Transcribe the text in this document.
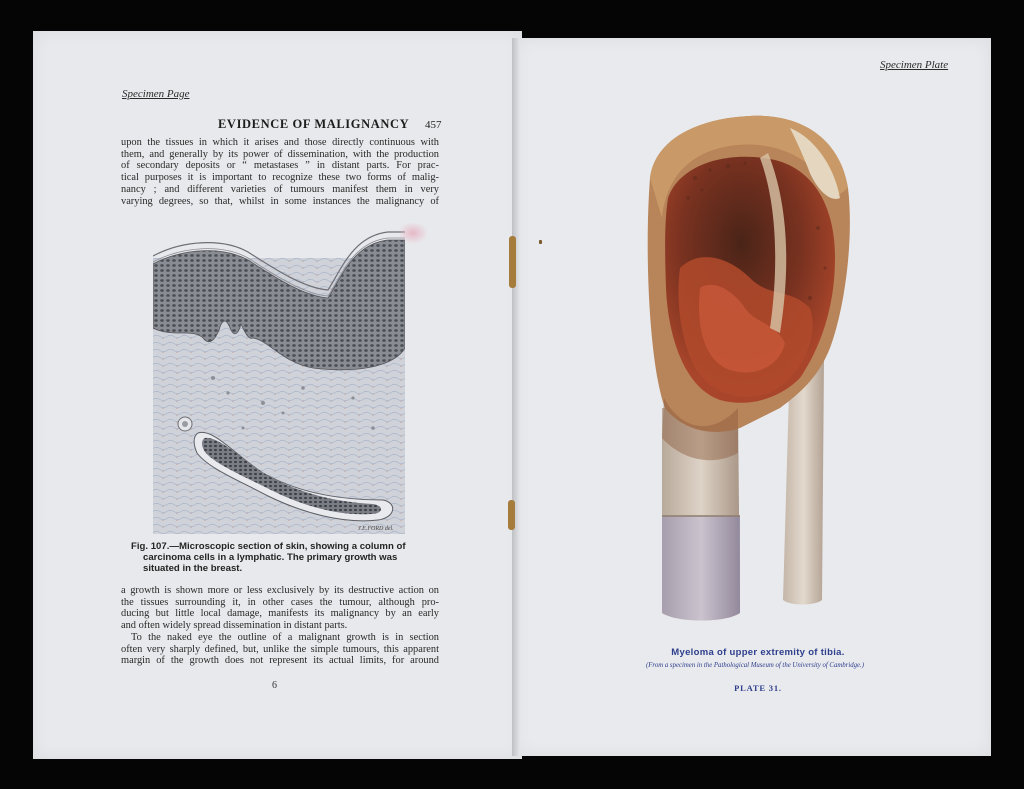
Specimen Page
EVIDENCE OF MALIGNANCY 457
upon the tissues in which it arises and those directly continuous with
them, and generally by its power of dissemination, with the production
of secondary deposits or “ metastases ” in distant parts. For prac-
tical purposes it is important to recognize these two forms of malig-
nancy ; and different varieties of tumours manifest them in very
varying degrees, so that, whilst in some instances the malignancy of
J.E.FORD del.
Fig. 107.—Microscopic section of skin, showing a column of
carcinoma cells in a lymphatic. The primary growth was
situated in the breast.
a growth is shown more or less exclusively by its destructive action on
the tissues surrounding it, in other cases the tumour, although pro-
ducing but little local damage, manifests its malignancy by an early
and often widely spread dissemination in distant parts.
To the naked eye the outline of a malignant growth is in section
often very sharply defined, but, unlike the simple tumours, this apparent
margin of the growth does not represent its actual limits, for around
6
Specimen Plate
Myeloma of upper extremity of tibia.
(From a specimen in the Pathological Museum of the University of Cambridge.)
PLATE 31.
